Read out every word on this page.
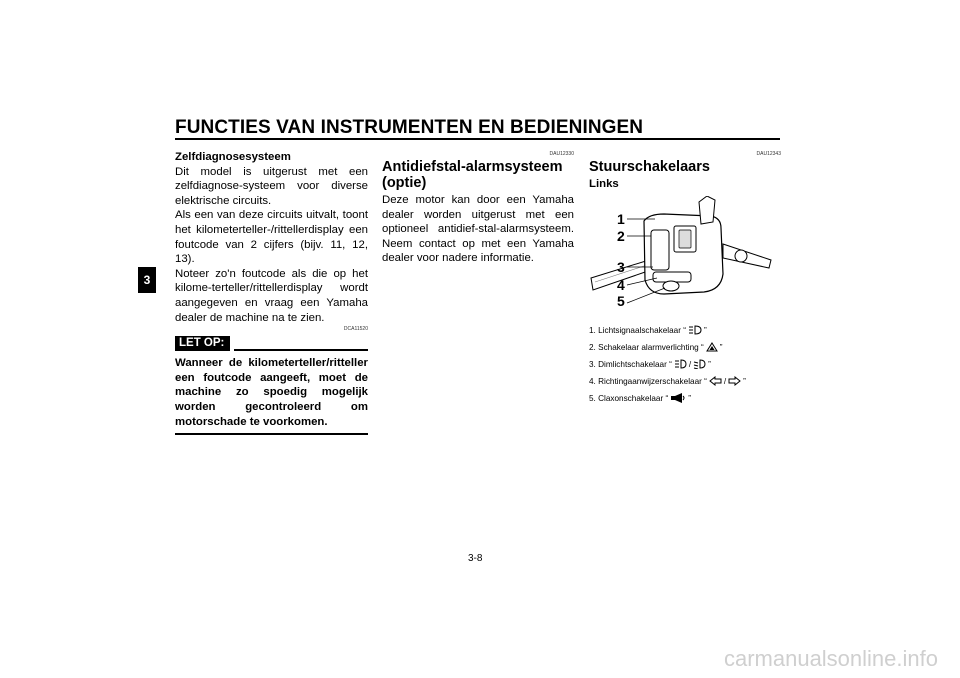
FUNCTIES VAN INSTRUMENTEN EN BEDIENINGEN
3
Zelfdiagnosesysteem
Dit model is uitgerust met een zelfdiagnose-systeem voor diverse elektrische circuits.
Als een van deze circuits uitvalt, toont het kilometerteller-/rittellerdisplay een foutcode van 2 cijfers (bijv. 11, 12, 13).
Noteer zo'n foutcode als die op het kilome-terteller/rittellerdisplay wordt aangegeven en vraag een Yamaha dealer de machine na te zien.
DCA11520
LET OP:
Wanneer de kilometerteller/ritteller een foutcode aangeeft, moet de machine zo spoedig mogelijk worden gecontroleerd om motorschade te voorkomen.
DAU12330
Antidiefstal-alarmsysteem (optie)
Deze motor kan door een Yamaha dealer worden uitgerust met een optioneel antidief-stal-alarmsysteem. Neem contact op met een Yamaha dealer voor nadere informatie.
DAU12343
Stuurschakelaars
Links
1
2
3
4
5
1. Lichtsignaalschakelaar “ ”
2. Schakelaar alarmverlichting “ ”
3. Dimlichtschakelaar “ / ”
4. Richtingaanwijzerschakelaar “ / ”
5. Claxonschakelaar “ ”
3-8
carmanualsonline.info
